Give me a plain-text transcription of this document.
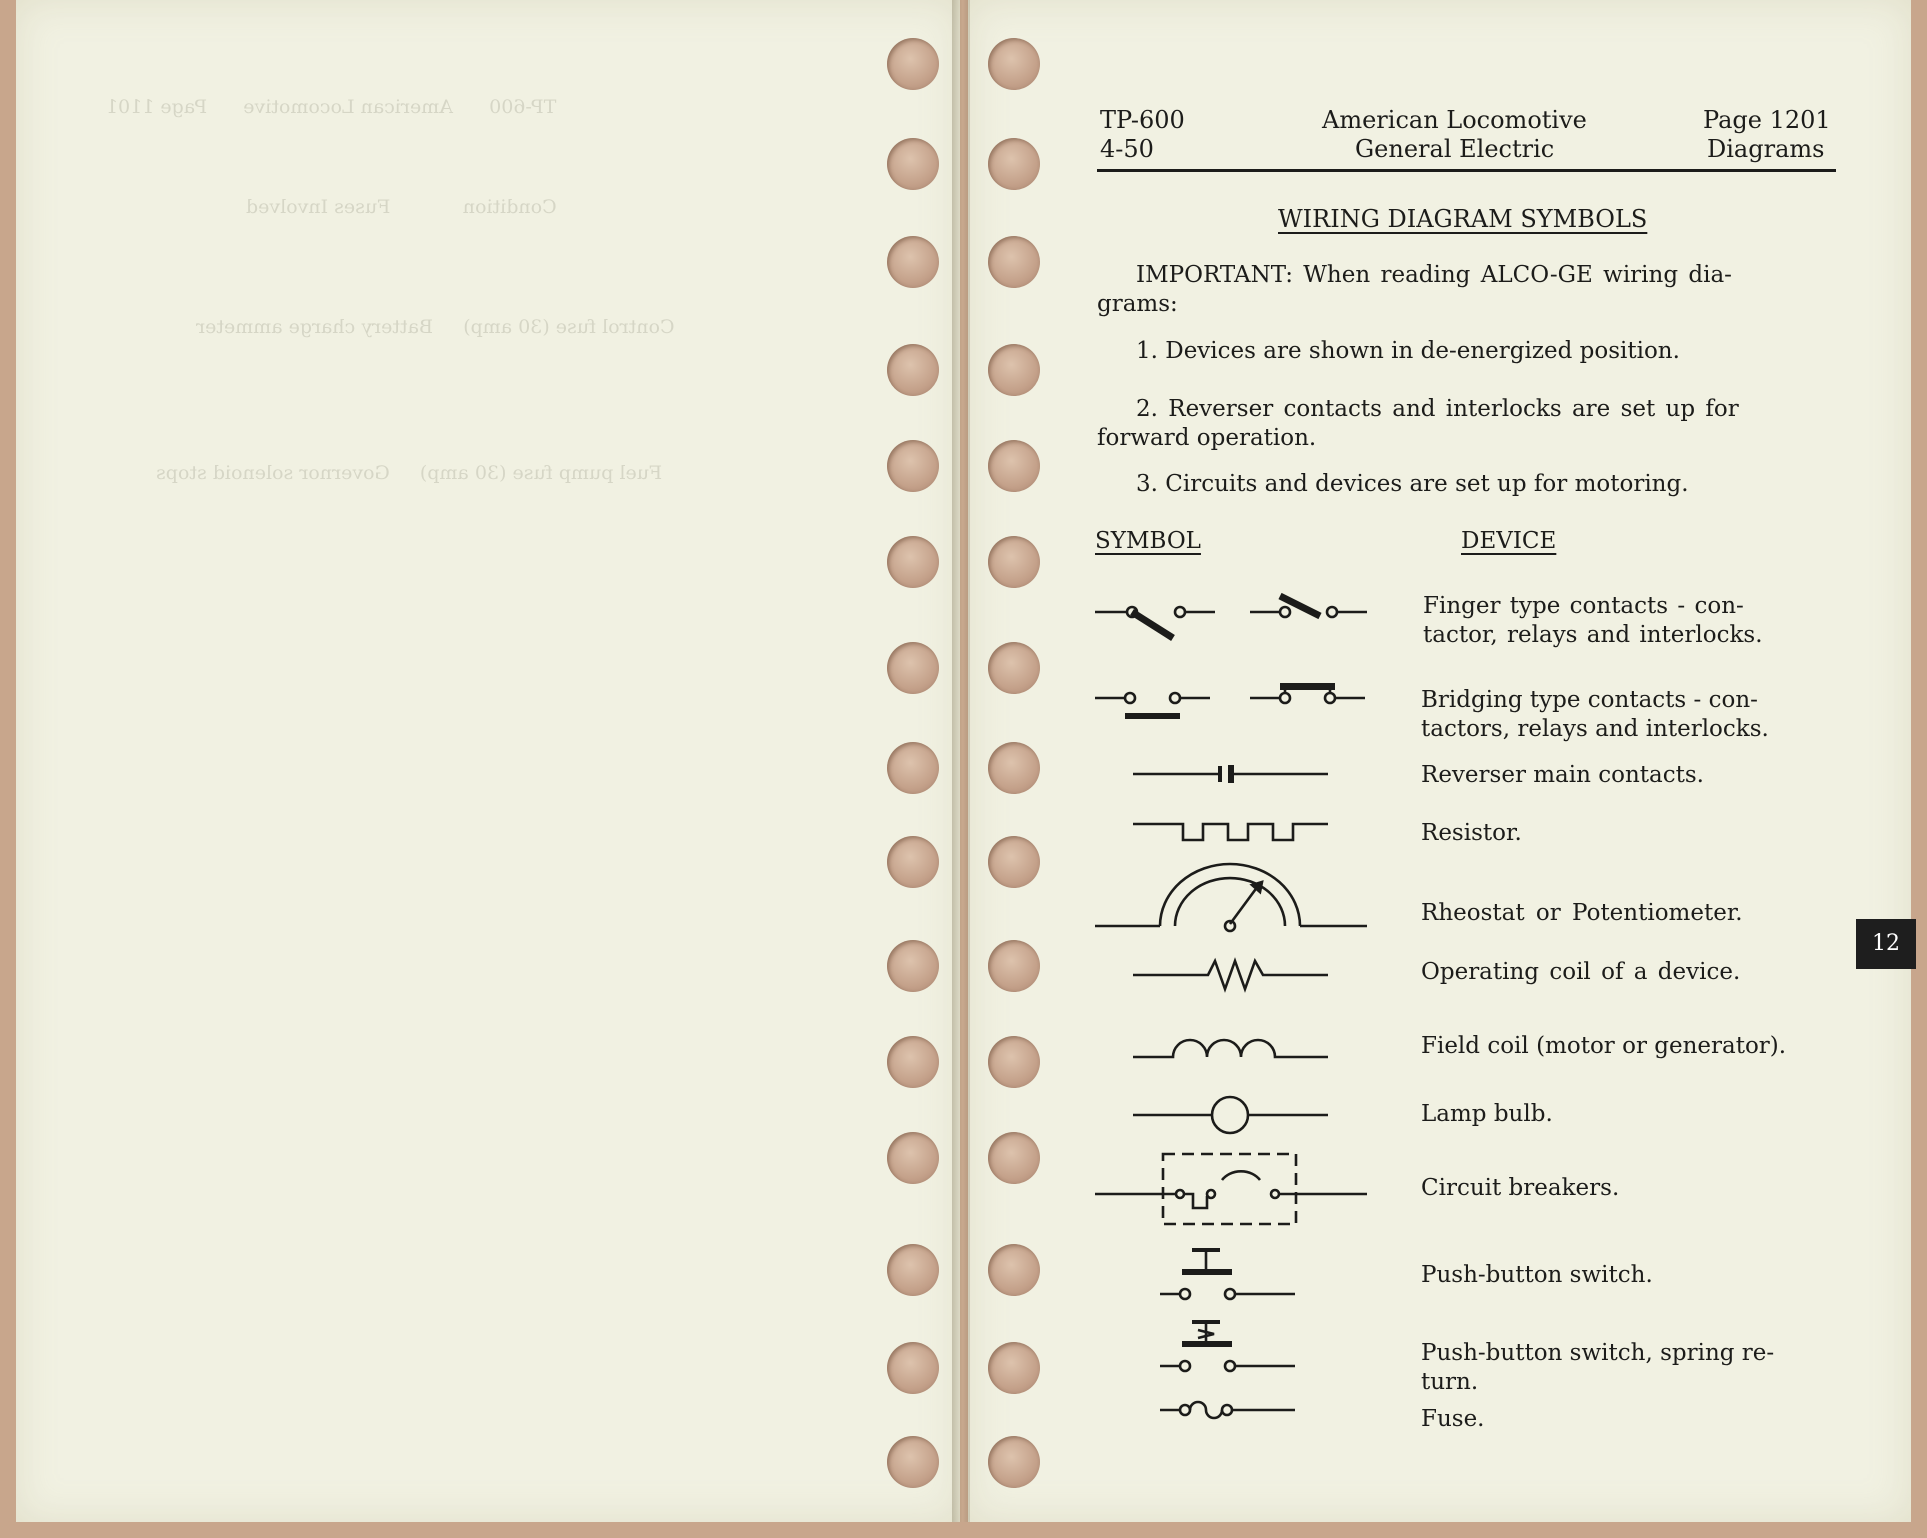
TP-600      American Locomotive      Page 1101
Condition            Fuses Involved
Control fuse (30 amp)     Battery charge ammeter
Fuel pump fuse (30 amp)     Governor solenoid stops
TP-600
4-50
American Locomotive
General Electric
Page 1201
Diagrams
WIRING DIAGRAM SYMBOLS
IMPORTANT: When reading ALCO-GE wiring dia-
grams:
1. Devices are shown in de-energized position.
2. Reverser contacts and interlocks are set up for
forward operation.
3. Circuits and devices are set up for motoring.
SYMBOL	DEVICE
Finger type contacts - con-
tactor, relays and interlocks.
Bridging type contacts - con-
tactors, relays and interlocks.
Reverser main contacts.
Resistor.
Rheostat or Potentiometer.
Operating coil of a device.
Field coil (motor or generator).
Lamp bulb.
Circuit breakers.
Push-button switch.
Push-button switch, spring re-
turn.
Fuse.
12
